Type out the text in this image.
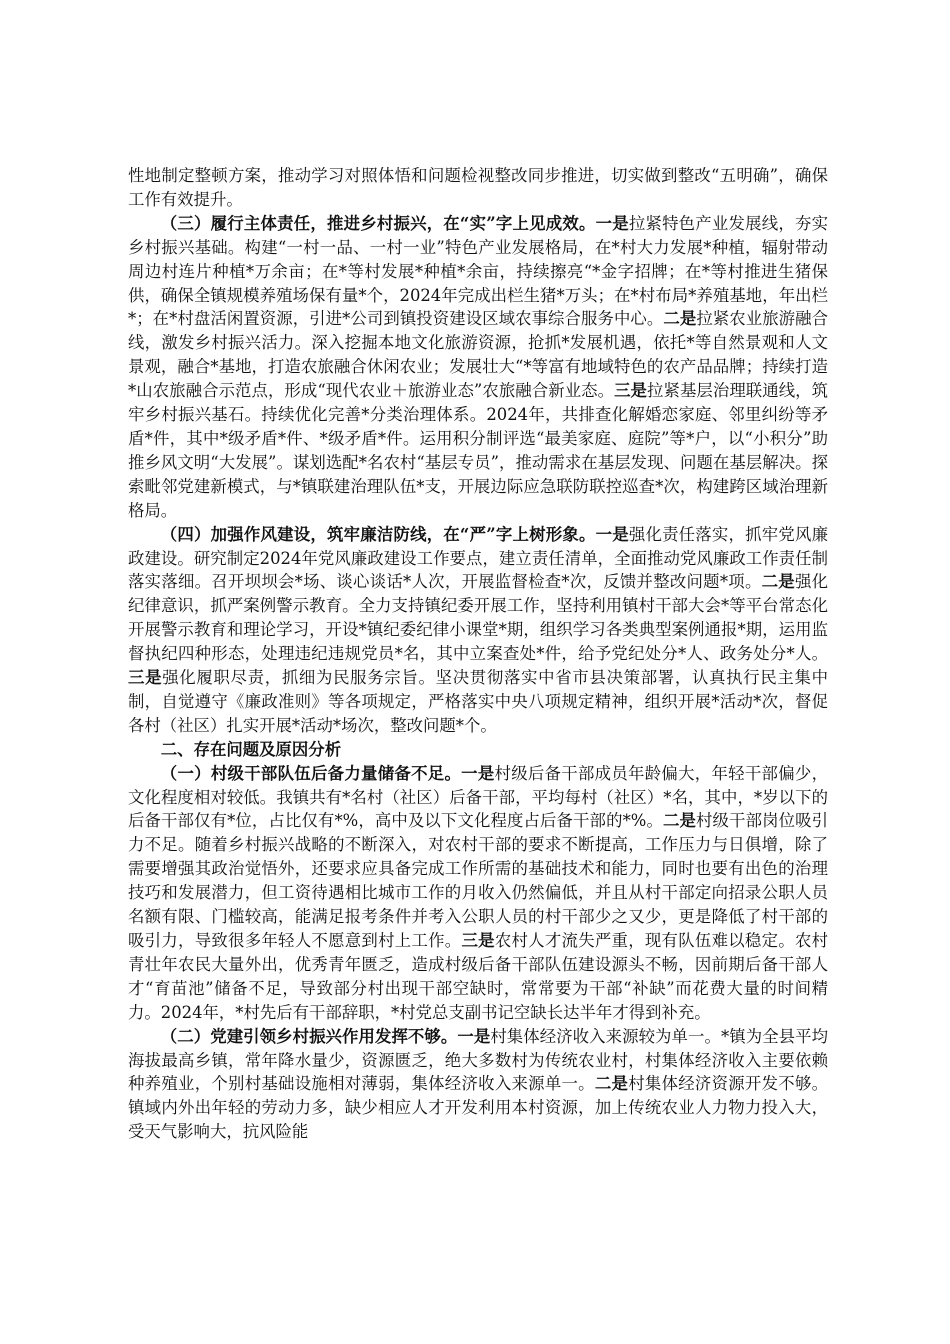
性地制定整顿方案，推动学习对照体悟和问题检视整改同步推进，切实做到整改“五明确”，确保工作有效提升。

（三）履行主体责任，推进乡村振兴，在“实”字上见成效。一是拉紧特色产业发展线，夯实乡村振兴基础。构建“一村一品、一村一业”特色产业发展格局，在*村大力发展*种植，辐射带动周边村连片种植*万余亩；在*等村发展*种植*余亩，持续擦亮“*金字招牌；在*等村推进生猪保供，确保全镇规模养殖场保有量*个，2024年完成出栏生猪*万头；在*村布局*养殖基地，年出栏*；在*村盘活闲置资源，引进*公司到镇投资建设区域农事综合服务中心。二是拉紧农业旅游融合线，激发乡村振兴活力。深入挖掘本地文化旅游资源，抢抓*发展机遇，依托*等自然景观和人文景观，融合*基地，打造农旅融合休闲农业；发展壮大“*等富有地域特色的农产品品牌；持续打造*山农旅融合示范点，形成“现代农业＋旅游业态”农旅融合新业态。三是拉紧基层治理联通线，筑牢乡村振兴基石。持续优化完善*分类治理体系。2024年，共排查化解婚恋家庭、邻里纠纷等矛盾*件，其中*级矛盾*件、*级矛盾*件。运用积分制评选“最美家庭、庭院”等*户，以“小积分”助推乡风文明“大发展”。谋划选配*名农村“基层专员”，推动需求在基层发现、问题在基层解决。探索毗邻党建新模式，与*镇联建治理队伍*支，开展边际应急联防联控巡查*次，构建跨区域治理新格局。

（四）加强作风建设，筑牢廉洁防线，在“严”字上树形象。一是强化责任落实，抓牢党风廉政建设。研究制定2024年党风廉政建设工作要点，建立责任清单，全面推动党风廉政工作责任制落实落细。召开坝坝会*场、谈心谈话*人次，开展监督检查*次，反馈并整改问题*项。二是强化纪律意识，抓严案例警示教育。全力支持镇纪委开展工作，坚持利用镇村干部大会*等平台常态化开展警示教育和理论学习，开设*镇纪委纪律小课堂*期，组织学习各类典型案例通报*期，运用监督执纪四种形态，处理违纪违规党员*名，其中立案查处*件，给予党纪处分*人、政务处分*人。三是强化履职尽责，抓细为民服务宗旨。坚决贯彻落实中省市县决策部署，认真执行民主集中制，自觉遵守《廉政准则》等各项规定，严格落实中央八项规定精神，组织开展*活动*次，督促各村（社区）扎实开展*活动*场次，整改问题*个。

二、存在问题及原因分析

（一）村级干部队伍后备力量储备不足。一是村级后备干部成员年龄偏大，年轻干部偏少，文化程度相对较低。我镇共有*名村（社区）后备干部，平均每村（社区）*名，其中，*岁以下的后备干部仅有*位，占比仅有*%，高中及以下文化程度占后备干部的*%。二是村级干部岗位吸引力不足。随着乡村振兴战略的不断深入，对农村干部的要求不断提高，工作压力与日俱增，除了需要增强其政治觉悟外，还要求应具备完成工作所需的基础技术和能力，同时也要有出色的治理技巧和发展潜力，但工资待遇相比城市工作的月收入仍然偏低，并且从村干部定向招录公职人员名额有限、门槛较高，能满足报考条件并考入公职人员的村干部少之又少，更是降低了村干部的吸引力，导致很多年轻人不愿意到村上工作。三是农村人才流失严重，现有队伍难以稳定。农村青壮年农民大量外出，优秀青年匮乏，造成村级后备干部队伍建设源头不畅，因前期后备干部人才“育苗池”储备不足，导致部分村出现干部空缺时，常常要为干部“补缺”而花费大量的时间精力。2024年，*村先后有干部辞职，*村党总支副书记空缺长达半年才得到补充。

（二）党建引领乡村振兴作用发挥不够。一是村集体经济收入来源较为单一。*镇为全县平均海拔最高乡镇，常年降水量少，资源匮乏，绝大多数村为传统农业村，村集体经济收入主要依赖种养殖业，个别村基础设施相对薄弱，集体经济收入来源单一。二是村集体经济资源开发不够。镇域内外出年轻的劳动力多，缺少相应人才开发利用本村资源，加上传统农业人力物力投入大，受天气影响大，抗风险能
